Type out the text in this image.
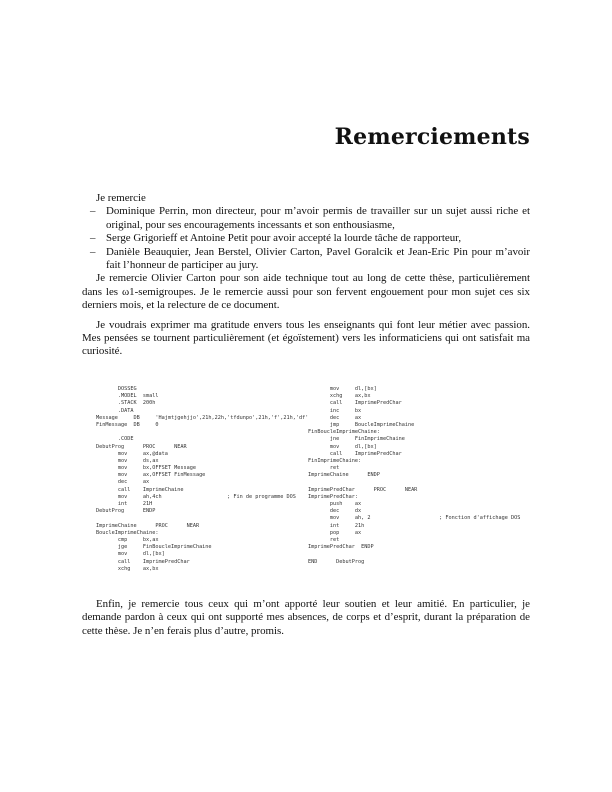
Remerciements

Je remercie

– Dominique Perrin, mon directeur, pour m’avoir permis de travailler sur un sujet aussi riche et original, pour ses encouragements incessants et son enthousiasme,
– Serge Grigorieff et Antoine Petit pour avoir accepté la lourde tâche de rapporteur,
– Danièle Beauquier, Jean Berstel, Olivier Carton, Pavel Goralcik et Jean-Eric Pin pour m’avoir fait l’honneur de participer au jury.

Je remercie Olivier Carton pour son aide technique tout au long de cette thèse, particulièrement dans les ω1-semigroupes. Je le remercie aussi pour son fervent engouement pour mon sujet ces six derniers mois, et la relecture de ce document.

Je voudrais exprimer ma gratitude envers tous les enseignants qui font leur métier avec passion. Mes pensées se tournent particulièrement (et égoïstement) vers les informaticiens qui ont satisfait ma curiosité.

DOSSEG
.MODEL  small
.STACK  200h
.DATA
Message     DB     'Hajmtjgehjjo',21h,22h,'tfdunpo',21h,'f',21h,'df'
FinMessage  DB     0
.CODE
DebutProg      PROC      NEAR
mov     ax,@data
mov     ds,ax
mov     bx,OFFSET Message
mov     ax,OFFSET FinMessage
dec     ax
call    ImprimeChaine
mov     ah,4ch                     ; Fin de programme DOS
int     21H
DebutProg      ENDP
ImprimeChaine      PROC      NEAR
BoucleImprimeChaine:
cmp     bx,ax
jge     FinBoucleImprimeChaine
mov     dl,[bx]
call    ImprimePredChar
xchg    ax,bx
mov     dl,[bx]
xchg    ax,bx
call    ImprimePredChar
inc     bx
dec     ax
jmp     BoucleImprimeChaine
FinBoucleImprimeChaine:
jne     FinImprimeChaine
mov     dl,[bx]
call    ImprimePredChar
FinImprimeChaine:
ret
ImprimeChaine      ENDP
ImprimePredChar      PROC      NEAR
ImprimePredChar:
push    ax
dec     dx
mov     ah, 2                      ; Fonction d'affichage DOS
int     21h
pop     ax
ret
ImprimePredChar  ENDP
END      DebutProg

Enfin, je remercie tous ceux qui m’ont apporté leur soutien et leur amitié. En particulier, je demande pardon à ceux qui ont supporté mes absences, de corps et d’esprit, durant la préparation de cette thèse. Je n’en ferais plus d’autre, promis.
